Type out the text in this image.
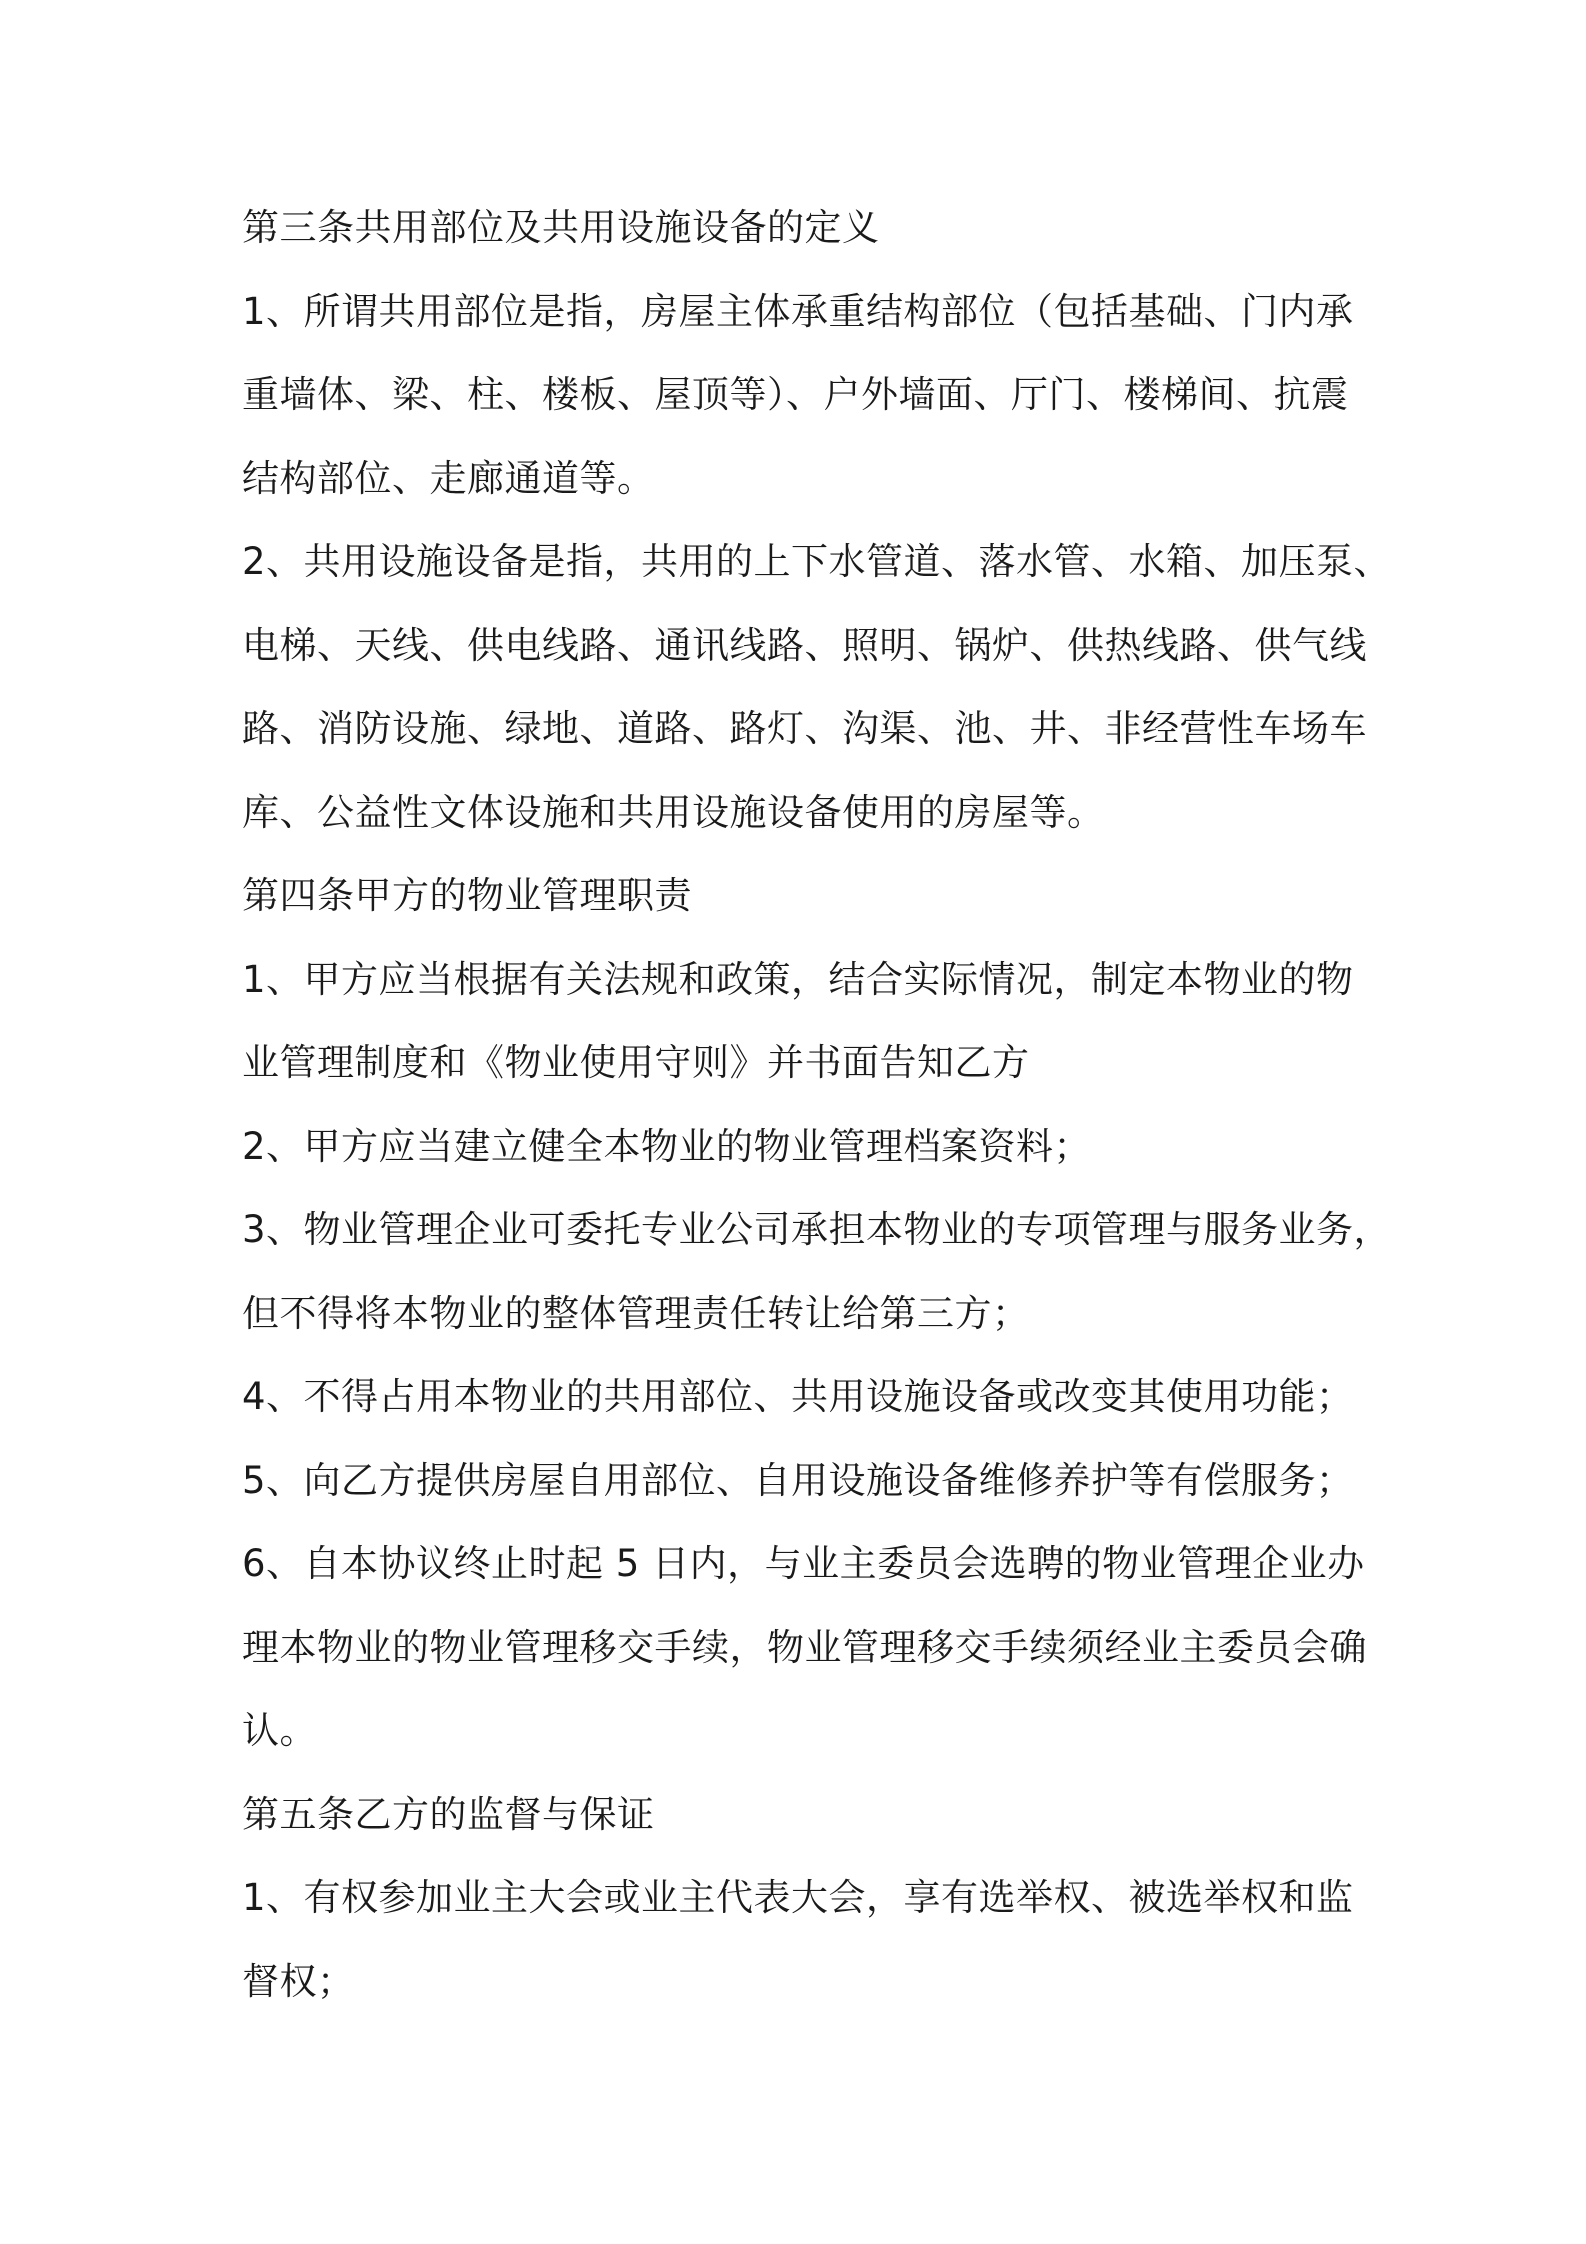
第三条共用部位及共用设施设备的定义
1、所谓共用部位是指，房屋主体承重结构部位（包括基础、门内承
重墙体、梁、柱、楼板、屋顶等）、户外墙面、厅门、楼梯间、抗震
结构部位、走廊通道等。
2、共用设施设备是指，共用的上下水管道、落水管、水箱、加压泵、
电梯、天线、供电线路、通讯线路、照明、锅炉、供热线路、供气线
路、消防设施、绿地、道路、路灯、沟渠、池、井、非经营性车场车
库、公益性文体设施和共用设施设备使用的房屋等。
第四条甲方的物业管理职责
1、甲方应当根据有关法规和政策，结合实际情况，制定本物业的物
业管理制度和《物业使用守则》并书面告知乙方
2、甲方应当建立健全本物业的物业管理档案资料；
3、物业管理企业可委托专业公司承担本物业的专项管理与服务业务，
但不得将本物业的整体管理责任转让给第三方；
4、不得占用本物业的共用部位、共用设施设备或改变其使用功能；
5、向乙方提供房屋自用部位、自用设施设备维修养护等有偿服务；
6、自本协议终止时起 5 日内，与业主委员会选聘的物业管理企业办
理本物业的物业管理移交手续，物业管理移交手续须经业主委员会确
认。
第五条乙方的监督与保证
1、有权参加业主大会或业主代表大会，享有选举权、被选举权和监
督权；
